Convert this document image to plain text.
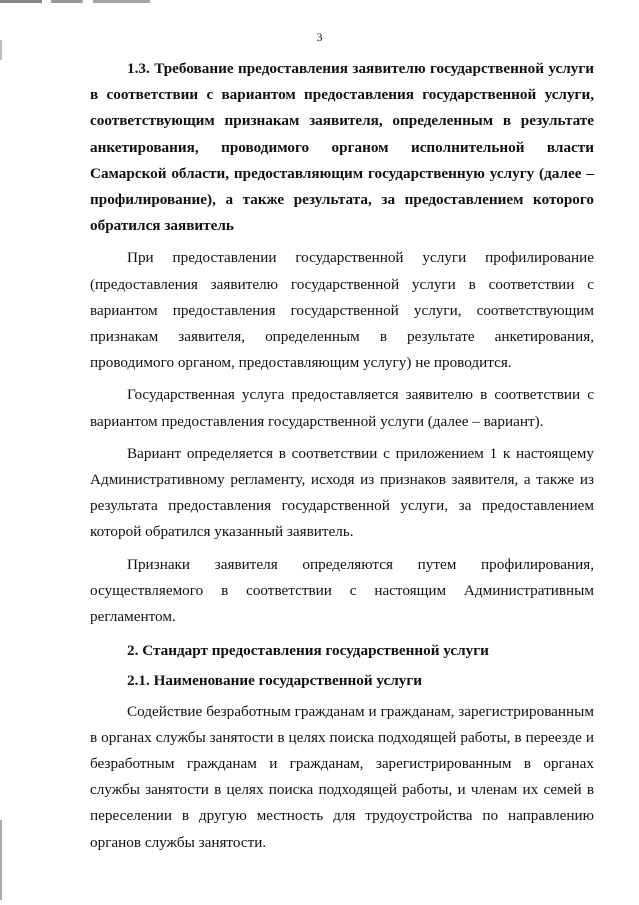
3

1.3. Требование предоставления заявителю государственной услуги в соответствии с вариантом предоставления государственной услуги, соответствующим признакам заявителя, определенным в результате анкетирования, проводимого органом исполнительной власти Самарской области, предоставляющим государственную услугу (далее – профилирование), а также результата, за предоставлением которого обратился заявитель

При предоставлении государственной услуги профилирование (предоставления заявителю государственной услуги в соответствии с вариантом предоставления государственной услуги, соответствующим признакам заявителя, определенным в результате анкетирования, проводимого органом, предоставляющим услугу) не проводится.

Государственная услуга предоставляется заявителю в соответствии с вариантом предоставления государственной услуги (далее – вариант).

Вариант определяется в соответствии с приложением 1 к настоящему Административному регламенту, исходя из признаков заявителя, а также из результата предоставления государственной услуги, за предоставлением которой обратился указанный заявитель.

Признаки заявителя определяются путем профилирования, осуществляемого в соответствии с настоящим Административным регламентом.

2. Стандарт предоставления государственной услуги

2.1. Наименование государственной услуги

Содействие безработным гражданам и гражданам, зарегистрированным в органах службы занятости в целях поиска подходящей работы, в переезде и безработным гражданам и гражданам, зарегистрированным в органах службы занятости в целях поиска подходящей работы, и членам их семей в переселении в другую местность для трудоустройства по направлению органов службы занятости.
